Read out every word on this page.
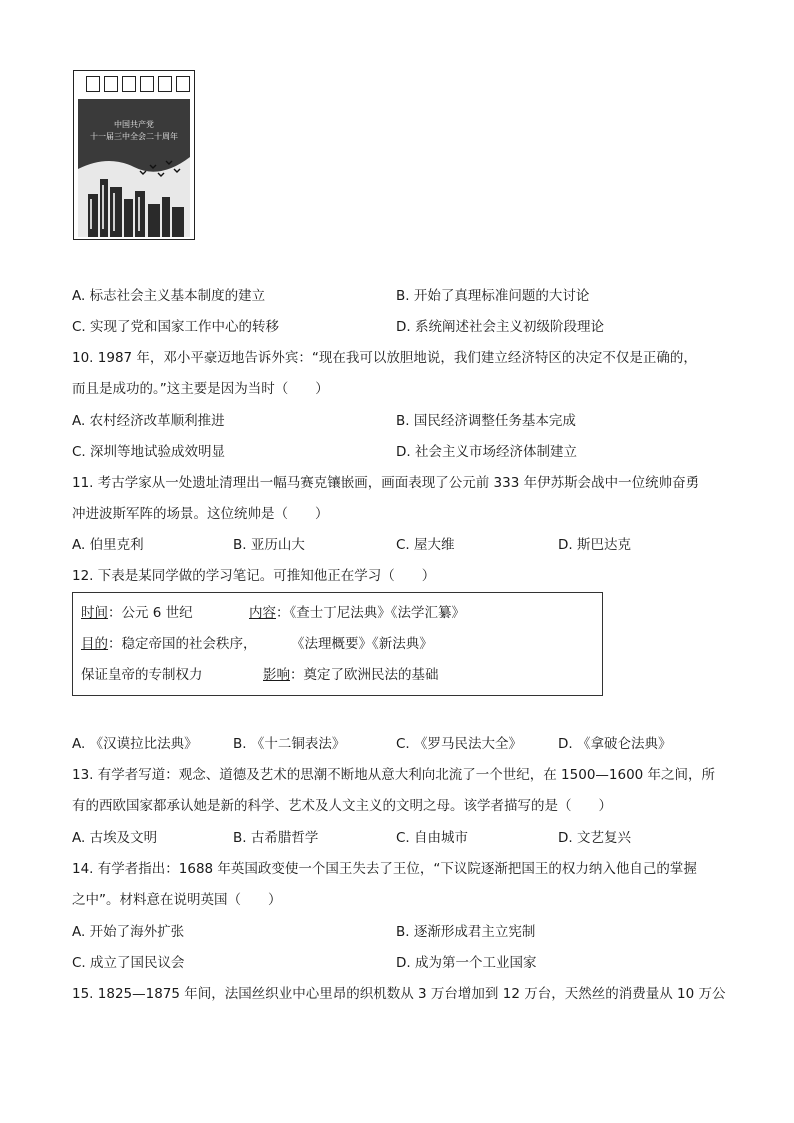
中国共产党
十一届三中全会二十周年
A. 标志社会主义基本制度的建立	B. 开始了真理标准问题的大讨论
C. 实现了党和国家工作中心的转移	D. 系统阐述社会主义初级阶段理论
10. 1987 年，邓小平豪迈地告诉外宾：“现在我可以放胆地说，我们建立经济特区的决定不仅是正确的，
而且是成功的。”这主要是因为当时（　　）
A. 农村经济改革顺利推进	B. 国民经济调整任务基本完成
C. 深圳等地试验成效明显	D. 社会主义市场经济体制建立
11. 考古学家从一处遗址清理出一幅马赛克镶嵌画，画面表现了公元前 333 年伊苏斯会战中一位统帅奋勇
冲进波斯军阵的场景。这位统帅是（　　）
A. 伯里克利	B. 亚历山大	C. 屋大维	D. 斯巴达克
12. 下表是某同学做的学习笔记。可推知他正在学习（　　）
时间：公元 6 世纪	内容：《查士丁尼法典》《法学汇纂》
目的：稳定帝国的社会秩序，	《法理概要》《新法典》
保证皇帝的专制权力	影响：奠定了欧洲民法的基础
A. 《汉谟拉比法典》	B. 《十二铜表法》	C. 《罗马民法大全》	D. 《拿破仑法典》
13. 有学者写道：观念、道德及艺术的思潮不断地从意大利向北流了一个世纪，在 1500—1600 年之间，所
有的西欧国家都承认她是新的科学、艺术及人文主义的文明之母。该学者描写的是（　　）
A. 古埃及文明	B. 古希腊哲学	C. 自由城市	D. 文艺复兴
14. 有学者指出：1688 年英国政变使一个国王失去了王位，“下议院逐渐把国王的权力纳入他自己的掌握
之中”。材料意在说明英国（　　）
A. 开始了海外扩张	B. 逐渐形成君主立宪制
C. 成立了国民议会	D. 成为第一个工业国家
15. 1825—1875 年间，法国丝织业中心里昂的织机数从 3 万台增加到 12 万台，天然丝的消费量从 10 万公
